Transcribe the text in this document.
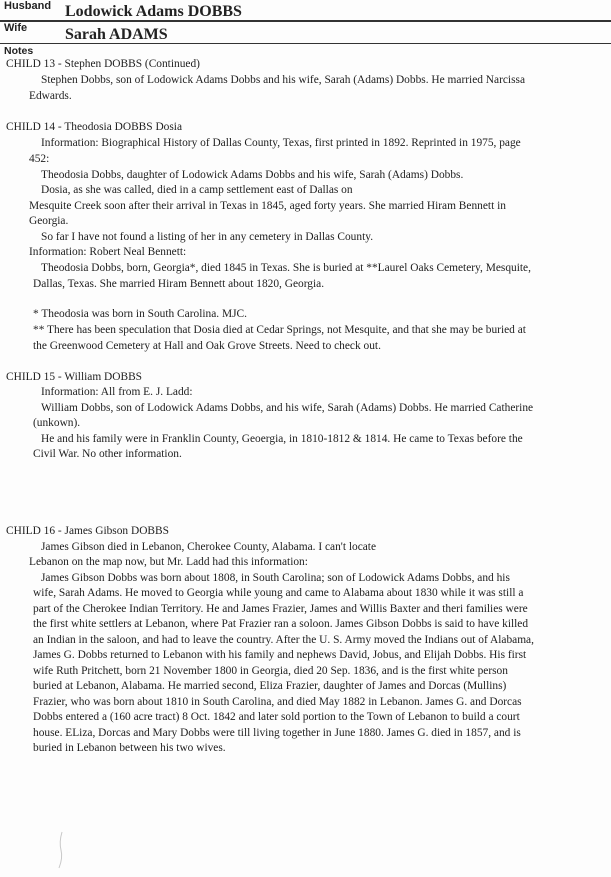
Husband Lodowick Adams DOBBS
Wife Sarah ADAMS
Notes
CHILD 13 - Stephen DOBBS (Continued)
Stephen Dobbs, son of Lodowick Adams Dobbs and his wife, Sarah (Adams) Dobbs. He married Narcissa
Edwards.
CHILD 14 - Theodosia DOBBS Dosia
Information: Biographical History of Dallas County, Texas, first printed in 1892. Reprinted in 1975, page
452:
Theodosia Dobbs, daughter of Lodowick Adams Dobbs and his wife, Sarah (Adams) Dobbs.
Dosia, as she was called, died in a camp settlement east of Dallas on
Mesquite Creek soon after their arrival in Texas in 1845, aged forty years. She married Hiram Bennett in
Georgia.
So far I have not found a listing of her in any cemetery in Dallas County.
Information: Robert Neal Bennett:
Theodosia Dobbs, born, Georgia*, died 1845 in Texas. She is buried at **Laurel Oaks Cemetery, Mesquite,
Dallas, Texas. She married Hiram Bennett about 1820, Georgia.
* Theodosia was born in South Carolina. MJC.
** There has been speculation that Dosia died at Cedar Springs, not Mesquite, and that she may be buried at
the Greenwood Cemetery at Hall and Oak Grove Streets. Need to check out.
CHILD 15 - William DOBBS
Information: All from E. J. Ladd:
William Dobbs, son of Lodowick Adams Dobbs, and his wife, Sarah (Adams) Dobbs. He married Catherine
(unkown).
He and his family were in Franklin County, Geoergia, in 1810-1812 & 1814. He came to Texas before the
Civil War. No other information.
CHILD 16 - James Gibson DOBBS
James Gibson died in Lebanon, Cherokee County, Alabama. I can't locate
Lebanon on the map now, but Mr. Ladd had this information:
James Gibson Dobbs was born about 1808, in South Carolina; son of Lodowick Adams Dobbs, and his
wife, Sarah Adams. He moved to Georgia while young and came to Alabama about 1830 while it was still a
part of the Cherokee Indian Territory. He and James Frazier, James and Willis Baxter and theri families were
the first white settlers at Lebanon, where Pat Frazier ran a soloon. James Gibson Dobbs is said to have killed
an Indian in the saloon, and had to leave the country. After the U. S. Army moved the Indians out of Alabama,
James G. Dobbs returned to Lebanon with his family and nephews David, Jobus, and Elijah Dobbs. His first
wife Ruth Pritchett, born 21 November 1800 in Georgia, died 20 Sep. 1836, and is the first white person
buried at Lebanon, Alabama. He married second, Eliza Frazier, daughter of James and Dorcas (Mullins)
Frazier, who was born about 1810 in South Carolina, and died May 1882 in Lebanon. James G. and Dorcas
Dobbs entered a (160 acre tract) 8 Oct. 1842 and later sold portion to the Town of Lebanon to build a court
house. ELiza, Dorcas and Mary Dobbs were till living together in June 1880. James G. died in 1857, and is
buried in Lebanon between his two wives.
